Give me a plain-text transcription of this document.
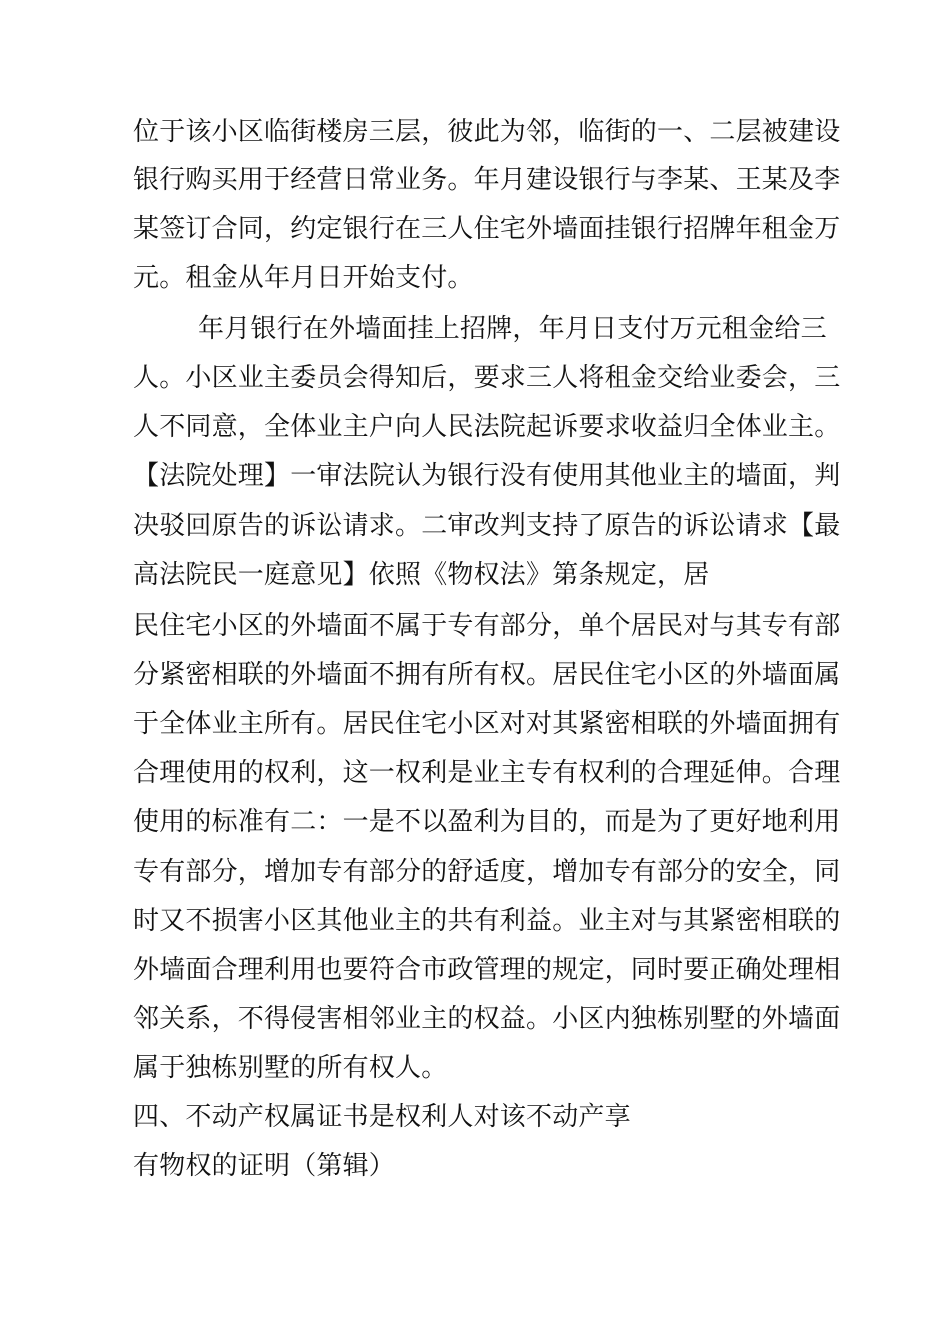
位于该小区临街楼房三层，彼此为邻，临街的一、二层被建设
银行购买用于经营日常业务。年月建设银行与李某、王某及李
某签订合同，约定银行在三人住宅外墙面挂银行招牌年租金万
元。租金从年月日开始支付。
年月银行在外墙面挂上招牌，年月日支付万元租金给三
人。小区业主委员会得知后，要求三人将租金交给业委会，三
人不同意，全体业主户向人民法院起诉要求收益归全体业主。
【法院处理】一审法院认为银行没有使用其他业主的墙面，判
决驳回原告的诉讼请求。二审改判支持了原告的诉讼请求【最
高法院民一庭意见】依照《物权法》第条规定，居
民住宅小区的外墙面不属于专有部分，单个居民对与其专有部
分紧密相联的外墙面不拥有所有权。居民住宅小区的外墙面属
于全体业主所有。居民住宅小区对对其紧密相联的外墙面拥有
合理使用的权利，这一权利是业主专有权利的合理延伸。合理
使用的标准有二：一是不以盈利为目的，而是为了更好地利用
专有部分，增加专有部分的舒适度，增加专有部分的安全，同
时又不损害小区其他业主的共有利益。业主对与其紧密相联的
外墙面合理利用也要符合市政管理的规定，同时要正确处理相
邻关系，不得侵害相邻业主的权益。小区内独栋别墅的外墙面
属于独栋别墅的所有权人。
四、不动产权属证书是权利人对该不动产享
有物权的证明（第辑）
